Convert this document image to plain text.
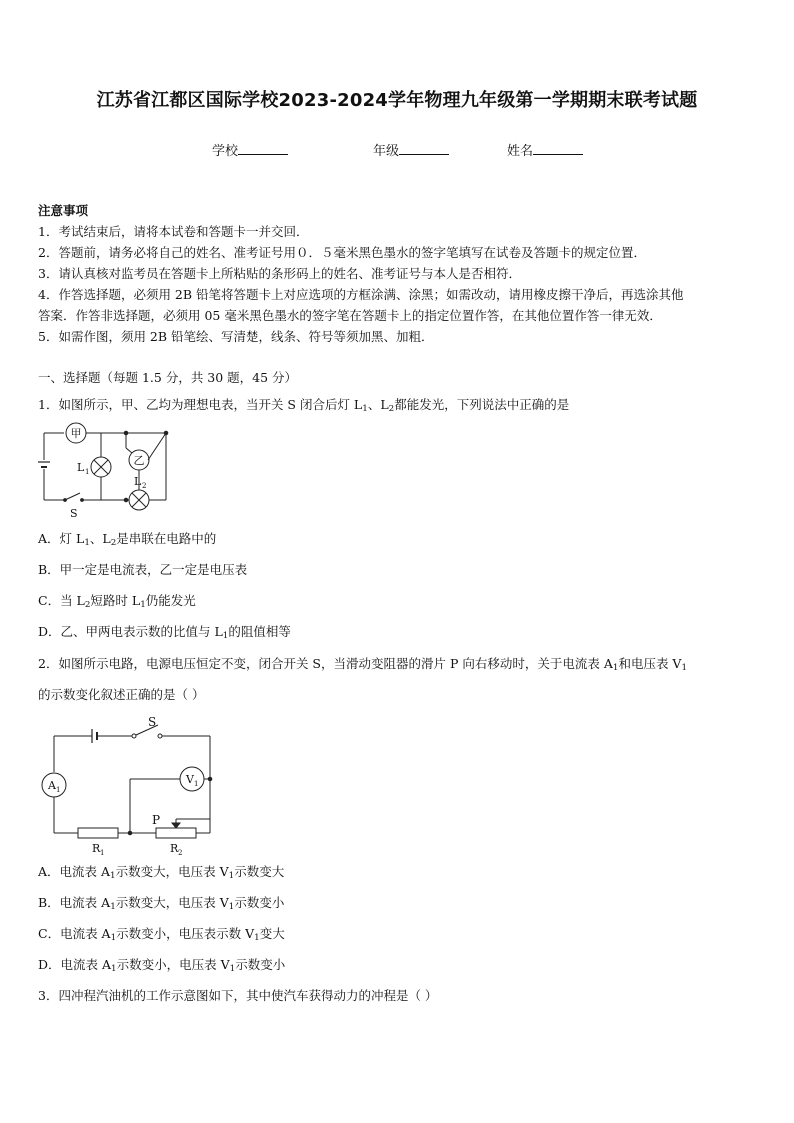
江苏省江都区国际学校2023-2024学年物理九年级第一学期期末联考试题
学校	年级	姓名
注意事项
1．考试结束后，请将本试卷和答题卡一并交回．
2．答题前，请务必将自己的姓名、准考证号用０．５毫米黑色墨水的签字笔填写在试卷及答题卡的规定位置．
3．请认真核对监考员在答题卡上所粘贴的条形码上的姓名、准考证号与本人是否相符．
4．作答选择题，必须用 2B 铅笔将答题卡上对应选项的方框涂满、涂黑；如需改动，请用橡皮擦干净后，再选涂其他
答案．作答非选择题，必须用 05 毫米黑色墨水的签字笔在答题卡上的指定位置作答，在其他位置作答一律无效．
5．如需作图，须用 2B 铅笔绘、写清楚，线条、符号等须加黑、加粗．
一、选择题（每题 1.5 分，共 30 题，45 分）
1．如图所示，甲、乙均为理想电表，当开关 S 闭合后灯 $L_1$、$L_2$都能发光，下列说法中正确的是
甲
乙
L 1
L 2
S
A．灯 $L_1$、$L_2$是串联在电路中的
B．甲一定是电流表，乙一定是电压表
C．当 $L_2$短路时 $L_1$仍能发光
D．乙、甲两电表示数的比值与 $L_1$的阻值相等
2．如图所示电路，电源电压恒定不变，闭合开关 S，当滑动变阻器的滑片 P 向右移动时，关于电流表 $A_1$和电压表 $V_1$
的示数变化叙述正确的是（ ）
S
A 1
V 1
P
R 1	R 2
A．电流表 $A_1$示数变大，电压表 $V_1$示数变大
B．电流表 $A_1$示数变大，电压表 $V_1$示数变小
C．电流表 $A_1$示数变小，电压表示数 $V_1$变大
D．电流表 $A_1$示数变小，电压表 $V_1$示数变小
3．四冲程汽油机的工作示意图如下，其中使汽车获得动力的冲程是（ ）
